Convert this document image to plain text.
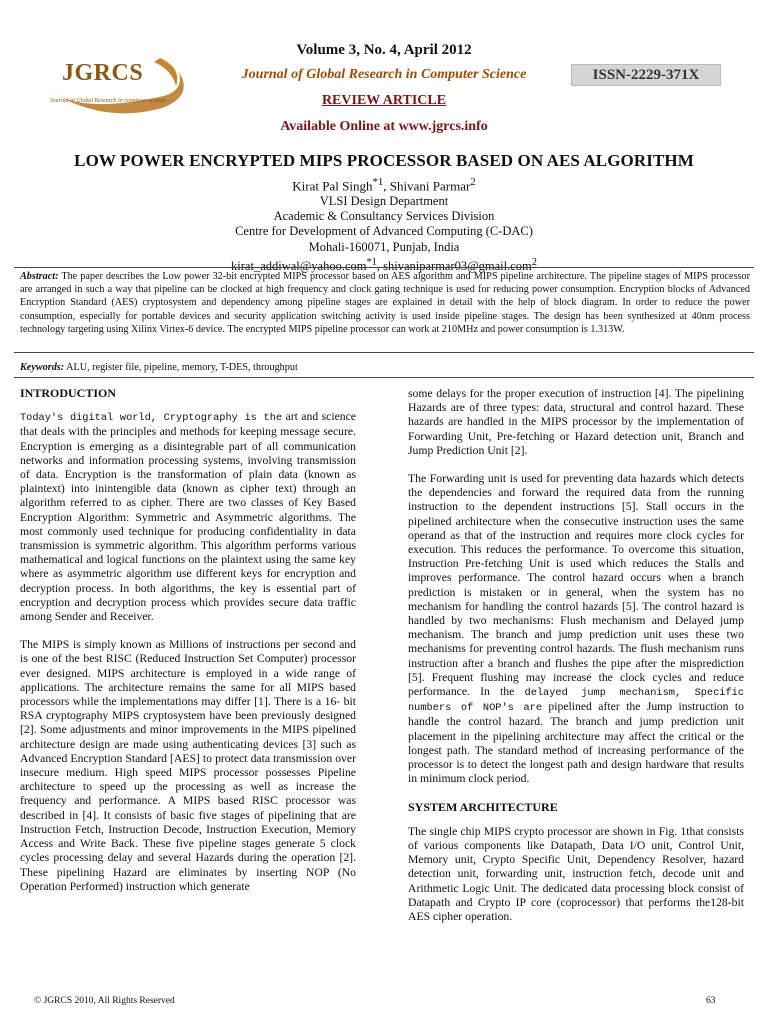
JGRCS
Journal of Global Research in computer science
Volume 3, No. 4, April 2012
Journal of Global Research in Computer Science
REVIEW ARTICLE
Available Online at www.jgrcs.info
ISSN-2229-371X
LOW POWER ENCRYPTED MIPS PROCESSOR BASED ON AES ALGORITHM
Kirat Pal Singh$^{*1}$, Shivani Parmar$^2$
VLSI Design Department
Academic & Consultancy Services Division
Centre for Development of Advanced Computing (C-DAC)
Mohali-160071, Punjab, India
kirat_addiwal@yahoo.com$^{*1}$, shivaniparmar03@gmail.com$^2$
Abstract: The paper describes the Low power 32-bit encrypted MIPS processor based on AES algorithm and MIPS pipeline architecture. The pipeline stages of MIPS processor are arranged in such a way that pipeline can be clocked at high frequency and clock gating technique is used for reducing power consumption. Encryption blocks of Advanced Encryption Standard (AES) cryptosystem and dependency among pipeline stages are explained in detail with the help of block diagram. In order to reduce the power consumption, especially for portable devices and security application switching activity is used inside pipeline stages. The design has been synthesized at 40nm process technology targeting using Xilinx Virtex-6 device. The encrypted MIPS pipeline processor can work at 210MHz and power consumption is 1.313W.
Keywords: ALU, register file, pipeline, memory, T-DES, throughput
INTRODUCTION

Today's digital world, Cryptography is the art and science that deals with the principles and methods for keeping message secure. Encryption is emerging as a disintegrable part of all communication networks and information processing systems, involving transmission of data. Encryption is the transformation of plain data (known as plaintext) into inintengible data (known as cipher text) through an algorithm referred to as cipher. There are two classes of Key Based Encryption Algorithm: Symmetric and Asymmetric algorithms. The most commonly used technique for producing confidentiality in data transmission is symmetric algorithm. This algorithm performs various mathematical and logical functions on the plaintext using the same key where as asymmetric algorithm use different keys for encryption and decryption process. In both algorithms, the key is essential part of encryption and decryption process which provides secure data traffic among Sender and Receiver.

The MIPS is simply known as Millions of instructions per second and is one of the best RISC (Reduced Instruction Set Computer) processor ever designed. MIPS architecture is employed in a wide range of applications. The architecture remains the same for all MIPS based processors while the implementations may differ [1]. There is a 16- bit RSA cryptography MIPS cryptosystem have been previously designed [2]. Some adjustments and minor improvements in the MIPS pipelined architecture design are made using authenticating devices [3] such as Advanced Encryption Standard [AES] to protect data transmission over insecure medium. High speed MIPS processor possesses Pipeline architecture to speed up the processing as well as increase the frequency and performance. A MIPS based RISC processor was described in [4]. It consists of basic five stages of pipelining that are Instruction Fetch, Instruction Decode, Instruction Execution, Memory Access and Write Back. These five pipeline stages generate 5 clock cycles processing delay and several Hazards during the operation [2]. These pipelining Hazard are eliminates by inserting NOP (No Operation Performed) instruction which generate

some delays for the proper execution of instruction [4]. The pipelining Hazards are of three types: data, structural and control hazard. These hazards are handled in the MIPS processor by the implementation of Forwarding Unit, Pre-fetching or Hazard detection unit, Branch and Jump Prediction Unit [2].

The Forwarding unit is used for preventing data hazards which detects the dependencies and forward the required data from the running instruction to the dependent instructions [5]. Stall occurs in the pipelined architecture when the consecutive instruction uses the same operand as that of the instruction and requires more clock cycles for execution. This reduces the performance. To overcome this situation, Instruction Pre-fetching Unit is used which reduces the Stalls and improves performance. The control hazard occurs when a branch prediction is mistaken or in general, when the system has no mechanism for handling the control hazards [5]. The control hazard is handled by two mechanisms: Flush mechanism and Delayed jump mechanism. The branch and jump prediction unit uses these two mechanisms for preventing control hazards. The flush mechanism runs instruction after a branch and flushes the pipe after the misprediction [5]. Frequent flushing may increase the clock cycles and reduce performance. In the delayed jump mechanism, Specific numbers of NOP's are pipelined after the Jump instruction to handle the control hazard. The branch and jump prediction unit placement in the pipelining architecture may affect the critical or the longest path. The standard method of increasing performance of the processor is to detect the longest path and design hardware that results in minimum clock period.

SYSTEM ARCHITECTURE

The single chip MIPS crypto processor are shown in Fig. 1that consists of various components like Datapath, Data I/O unit, Control Unit, Memory unit, Crypto Specific Unit, Dependency Resolver, hazard detection unit, forwarding unit, instruction fetch, decode unit and Arithmetic Logic Unit. The dedicated data processing block consist of Datapath and Crypto IP core (coprocessor) that performs the128-bit AES cipher operation.

© JGRCS 2010, All Rights Reserved	63
